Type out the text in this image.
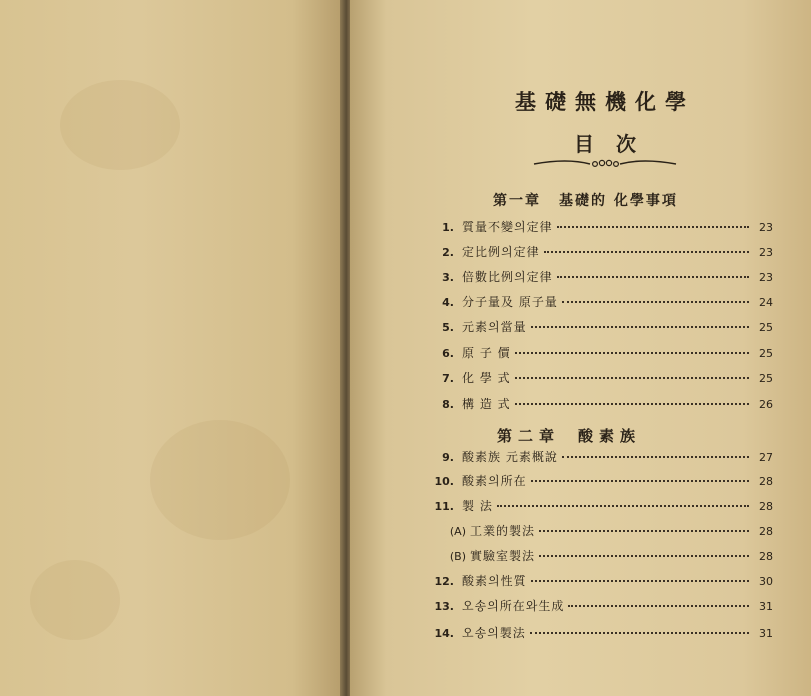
基礎無機化學
目次
第一章 基礎的 化學事項
1. 質量不變의定律	23
2. 定比例의定律	23
3. 倍數比例의定律	23
4. 分子量及 原子量	24
5. 元素의當量	25
6. 原 子 價	25
7. 化 學 式	25
8. 構 造 式	26
第二章 酸素族
9. 酸素族 元素概說	27
10. 酸素의所在	28
11. 製 法	28
(A) 工業的製法	28
(B) 實驗室製法	28
12. 酸素의性質	30
13. 오송의所在와生成	31
14. 오송의製法	31
